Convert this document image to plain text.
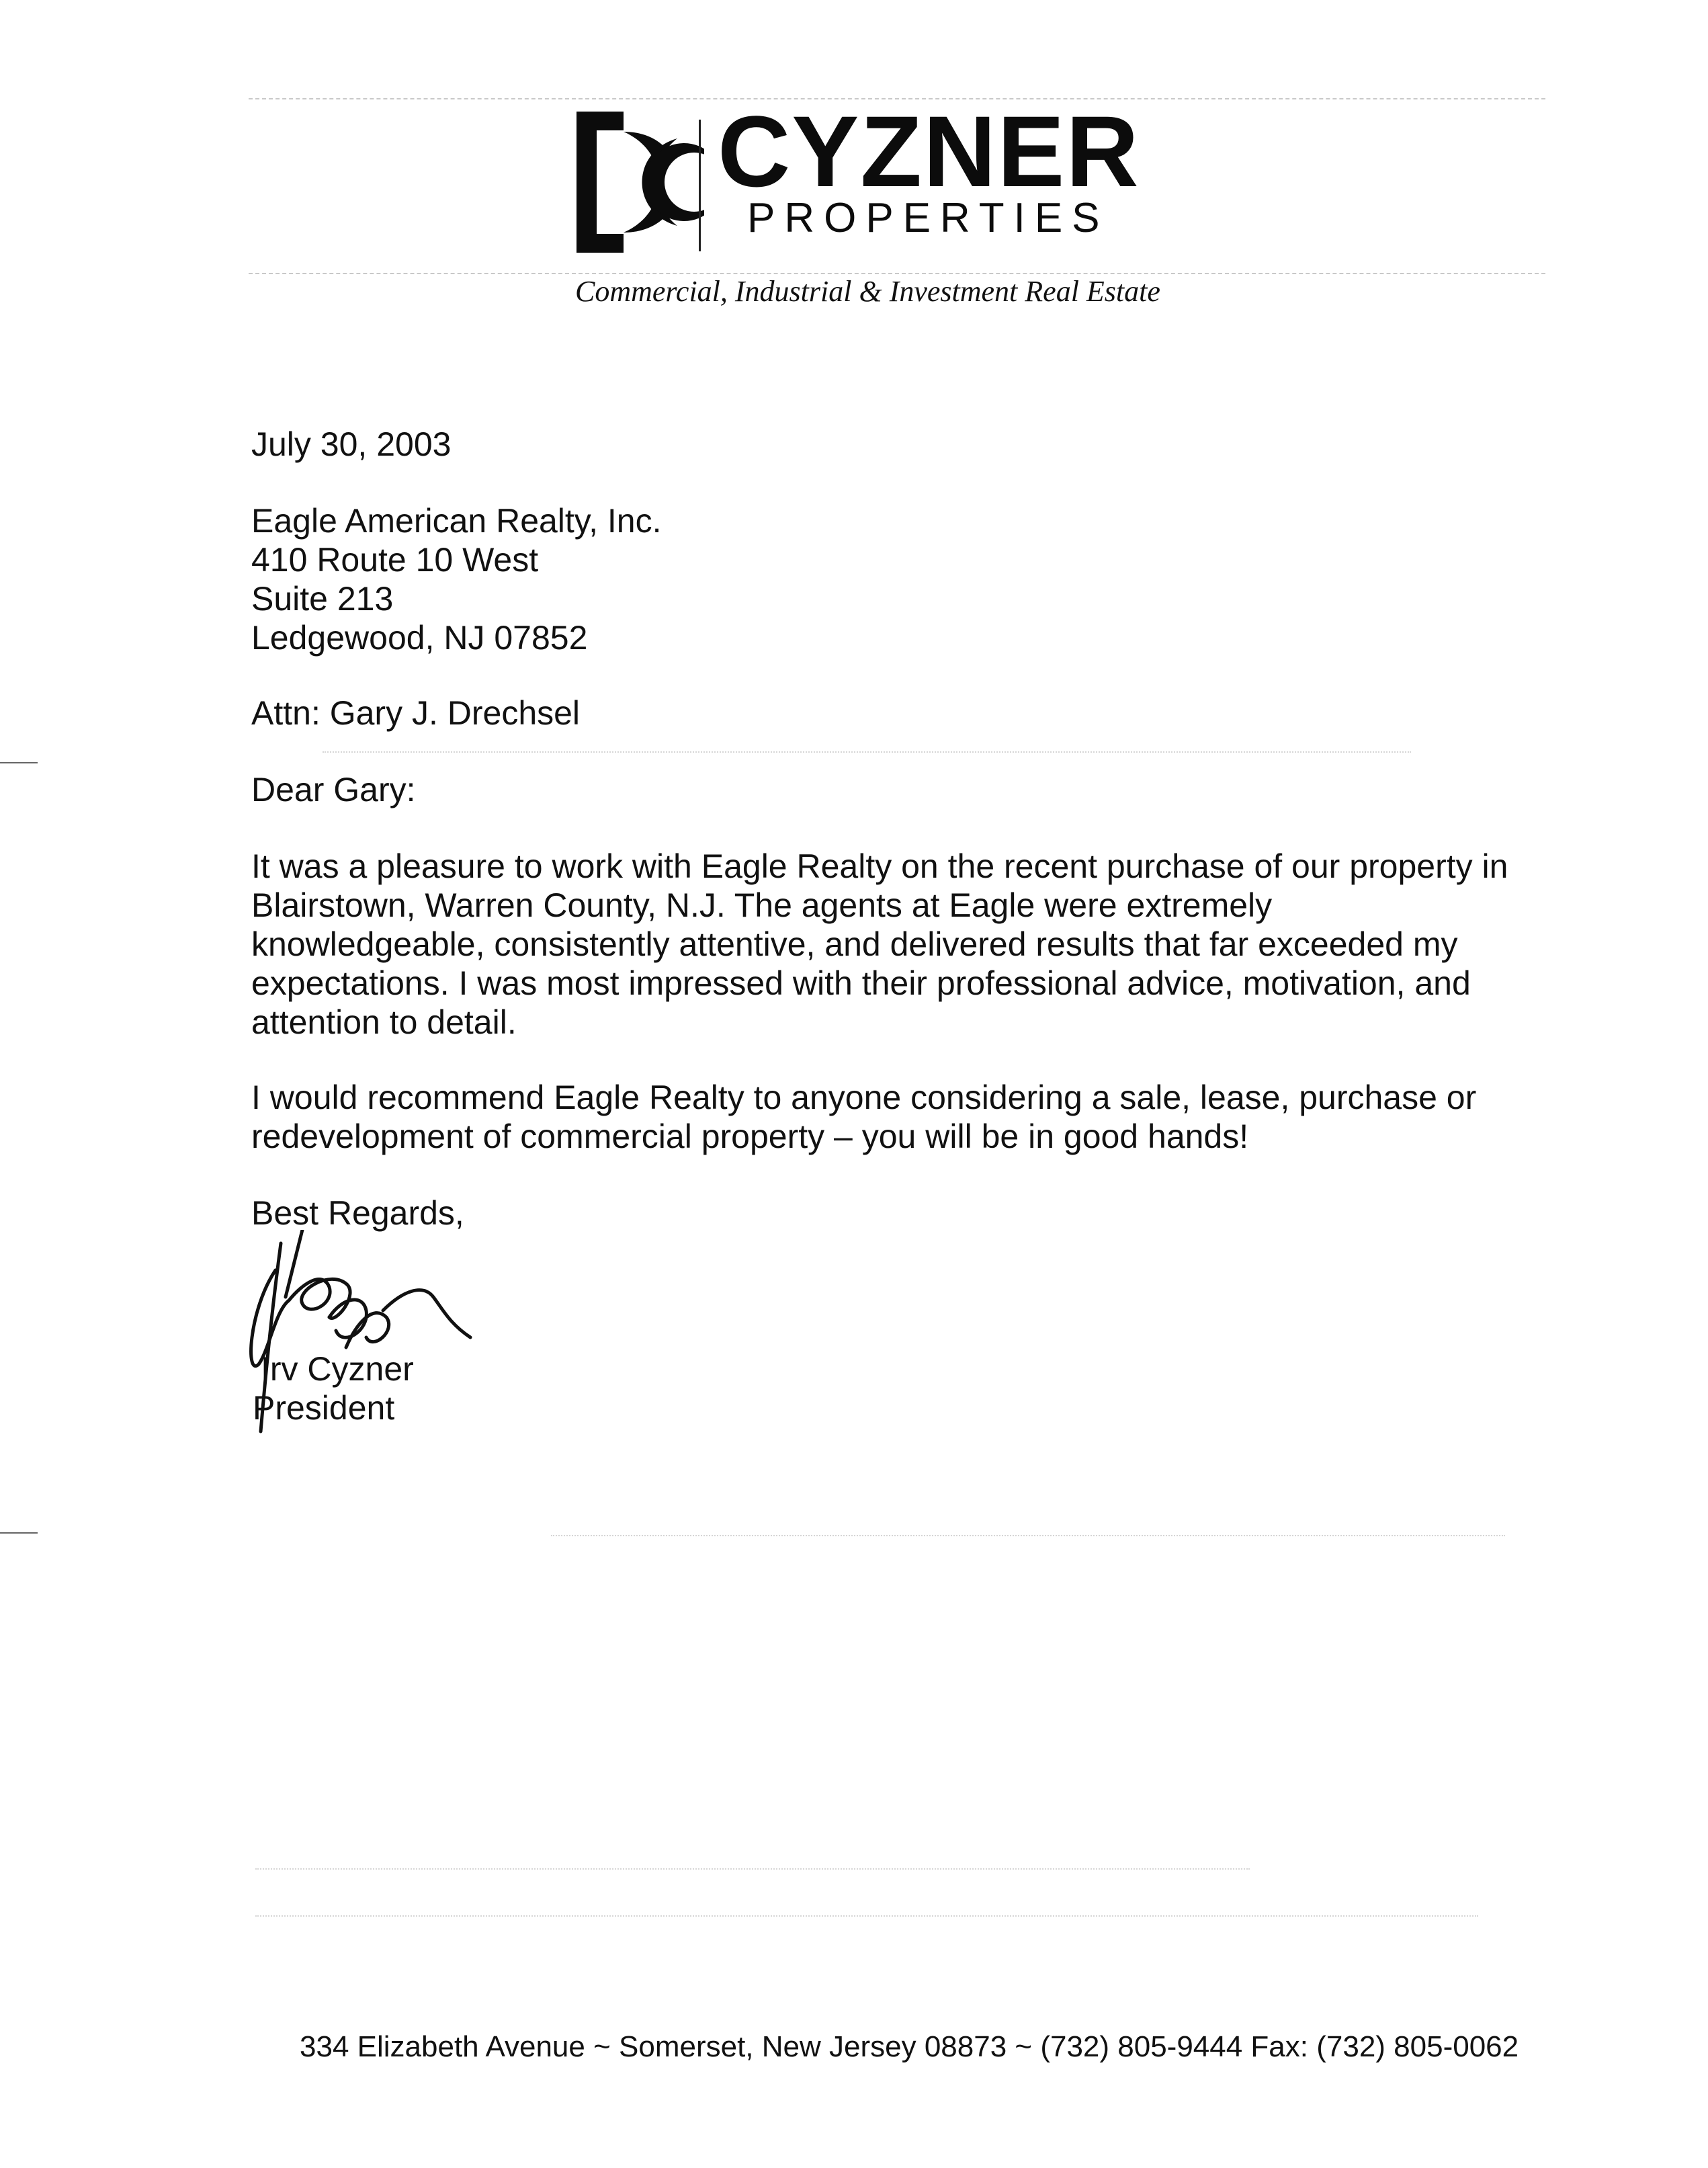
CYZNER
PROPERTIES
Commercial, Industrial & Investment Real Estate
July 30, 2003
Eagle American Realty, Inc.
410 Route 10 West
Suite 213
Ledgewood, NJ 07852
Attn: Gary J. Drechsel
Dear Gary:
It was a pleasure to work with Eagle Realty on the recent purchase of our property in
Blairstown, Warren County, N.J. The agents at Eagle were extremely
knowledgeable, consistently attentive, and delivered results that far exceeded my
expectations. I was most impressed with their professional advice, motivation, and
attention to detail.
I would recommend Eagle Realty to anyone considering a sale, lease, purchase or
redevelopment of commercial property – you will be in good hands!
Best Regards,
Irv Cyzner
President
334 Elizabeth Avenue ~ Somerset, New Jersey 08873 ~ (732) 805-9444 Fax: (732) 805-0062
